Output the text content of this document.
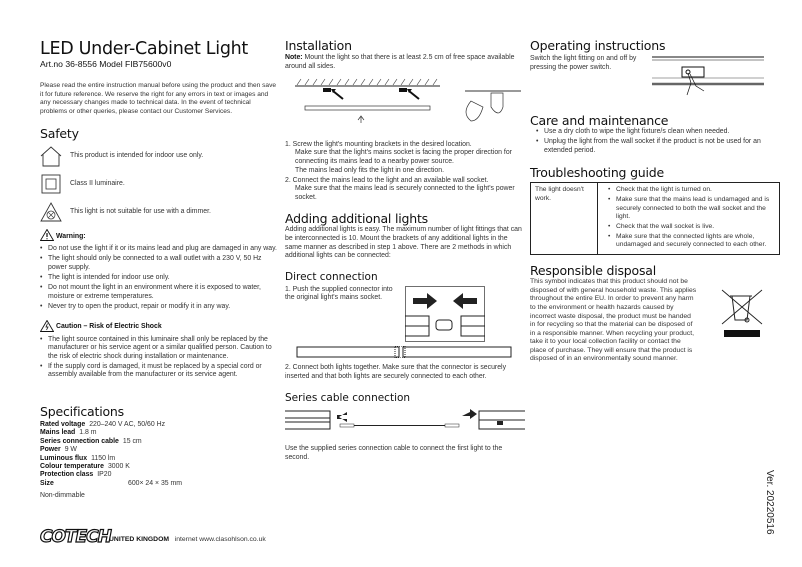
LED Under-Cabinet Light
Art.no 36-8556 Model FIB75600v0

Please read the entire instruction manual before using the product and then save it for future reference. We reserve the right for any errors in text or images and any necessary changes made to technical data. In the event of technical problems or other queries, please contact our Customer Services.

Safety
This product is intended for indoor use only.
Class II luminaire.
This light is not suitable for use with a dimmer.
Warning:
• Do not use the light if it or its mains lead and plug are damaged in any way.
• The light should only be connected to a wall outlet with a 230 V, 50 Hz power supply.
• The light is intended for indoor use only.
• Do not mount the light in an environment where it is exposed to water, moisture or extreme temperatures.
• Never try to open the product, repair or modify it in any way.
Caution – Risk of Electric Shock
• The light source contained in this luminaire shall only be replaced by the manufacturer or his service agent or a similar qualified person. Caution to the risk of electric shock during installation or maintenance.
• If the supply cord is damaged, it must be replaced by a special cord or assembly available from the manufacturer or its service agent.
Specifications
Rated voltage 220–240 V AC, 50/60 Hz
Mains lead 1.8 m
Series connection cable 15 cm
Power 9 W
Luminous flux 1150 lm
Colour temperature 3000 K
Protection class IP20
Size	600× 24 × 35 mm
Non-dimmable
COTECH
UNITED KINGDOM internet www.clasohlson.co.uk
Ver. 20220516
Installation

Note: Mount the light so that there is at least 2.5 cm of free space available around all sides.

1. Screw the light's mounting brackets in the desired location.
Make sure that the light's mains socket is facing the proper direction for connecting its mains lead to a nearby power source.
The mains lead only fits the light in one direction.
2. Connect the mains lead to the light and an available wall socket.
Make sure that the mains lead is securely connected to the light's power socket.
Adding additional lights

Adding additional lights is easy. The maximum number of light fittings that can be interconnected is 10. Mount the brackets of any additional lights in the same manner as described in step 1 above. There are 2 methods in which additional lights can be connected:

Direct connection

1. Push the supplied connector into the original light's mains socket.

2. Connect both lights together. Make sure that the connector is securely inserted and that both lights are securely connected to each other.

Series cable connection

Use the supplied series connection cable to connect the first light to the second.

Operating instructions

Switch the light fitting on and off by pressing the power switch.

Care and maintenance
• Use a dry cloth to wipe the light fixture/s clean when needed.
• Unplug the light from the wall socket if the product is not be used for an extended period.
Troubleshooting guide
The light doesn't work.	
• Check that the light is turned on.
• Make sure that the mains lead is undamaged and is securely connected to both the wall socket and the light.
• Check that the wall socket is live.
• Make sure that the connected lights are whole, undamaged and securely connected to each other.
Responsible disposal

This symbol indicates that this product should not be disposed of with general household waste. This applies throughout the entire EU. In order to prevent any harm to the environment or health hazards caused by incorrect waste disposal, the product must be handed in for recycling so that the material can be disposed of in a responsible manner. When recycling your product, take it to your local collection facility or contact the place of purchase. They will ensure that the product is disposed of in an environmentally sound manner.
